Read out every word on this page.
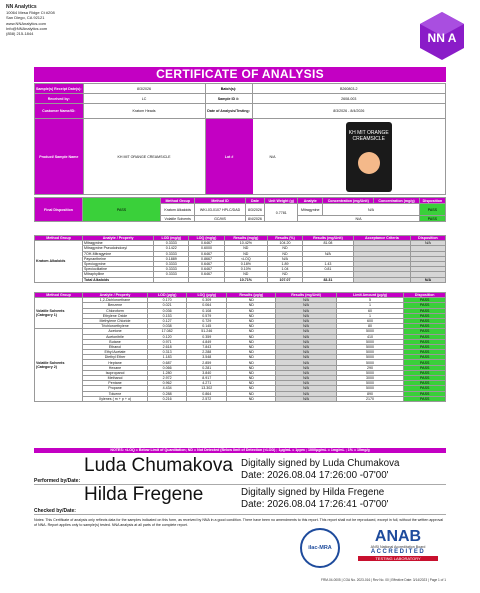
NN Analytics
10064 Mesa Ridge Ct #208
San Diego, CA 92121
www.NNAnalytics.com
Info@NNAnalytics.com
(858) 215-1844	NN A
CERTIFICATE OF ANALYSIS
Sample(s) Receipt Date(s):	8/3/2026	Batch(s):	B260803-2
Received by:	LC	Sample ID #:	2608-003
Customer Name/ID:	Kratom Heads	Date of Analysis/Testing:	8/3/2026 - 8/4/2026
Product/ Sample Name	KH MIT ORANGE CREAMSICLE	Lot # N/A
KH MIT ORANGE CREAMSICLE	
Final Disposition	PASS	Method Group	Method ID	Date	Unit Weight (g)	Analyte	Concentration (mg/Unit)	Concentration (mg/g)	Disposition
		Kratom Alkaloids	WKI-03-0107 HPLC/DAD	8/3/2026	0.7781	Mitragynine	N/A		PASS
		Volatile Solvents	GC/MS	8/4/2026		N/A			PASS
Method Group	Analyte / Property	LOD (mg/g)	LOQ (mg/g)	Results (mg/g)	Results (%)	Results (mg/Unit)	Acceptance Criteria	Disposition
Kratom Alkaloids	Mitragynine	0.3333	0.6467	10.42%	104.20	81.08		N/A
	Mitragynine Pseudoindoxyl	0.1422	0.6000	ND	ND			
	7OH-Mitragynine	0.3333	0.6467	ND	ND	N/A		
	Paynantheine	0.1889	0.8667	<LOQ	N/A			
	Speciogynine	0.3333	0.6467	0.18%	1.89	1.43		
	Speciociliatine	0.3333	0.6467	0.10%	1.04	0.81		
	Mitraphylline	0.3333	0.6467	ND	ND			
	Total Alkaloids			10.71%	107.07	83.31		N/A
Method Group	Analyte / Property	LOD (µg/g)	LOQ (µg/g)	Results (µg/g)	Results (mg/Unit)	Limit Amount (µg/g)	Disposition
Volatile Solvents (Category 1)	1,2-Dichloroethane	0.170	0.309	ND	N/A	5	PASS
	Benzene	0.021	0.064	ND	N/A	1	PASS
	Chloroform	0.036	0.108	ND	N/A	60	PASS
	Ethylene Oxide	0.153	0.579	ND	N/A	1	PASS
	Methylene Chloride	0.127	0.729	ND	N/A	600	PASS
	Trichloroethylene	0.038	0.145	ND	N/A	80	PASS
Volatile Solvents (Category 2)	Acetone	17.082	51.246	ND	N/A	5000	PASS
	Acetonitrile	0.120	0.359	ND	N/A	410	PASS
	Butane	0.971	4.849	ND	N/A	5000	PASS
	Ethanol	2.618	7.843	ND	N/A	5000	PASS
	Ethyl Acetate	0.313	2.288	ND	N/A	5000	PASS
	Diethyl Ether	1.183	3.548	ND	N/A	5000	PASS
	Heptane	0.687	2.859	ND	N/A	5000	PASS
	Hexane	0.066	0.281	ND	N/A	290	PASS
	Isopropanol	1.280	3.840	ND	N/A	5000	PASS
	Methanol	2.972	8.917	ND	N/A	3000	PASS
	Pentane	0.962	4.271	ND	N/A	5000	PASS
	Propane	4.434	13.302	ND	N/A	5000	PASS
	Toluene	0.288	0.864	ND	N/A	890	PASS
	Xylenes ( m + p + o)	0.216	2.572	ND	N/A	2170	PASS
NOTES: <LOQ = Below Limit of Quantitation; ND = Not Detected (Below limit of Detection (<LOD) ; 1μg/mL = 1ppm ; 1000μg/mL = 1mg/mL ; 1% = 10mg/g
Luda Chumakova Digitally signed by Luda Chumakova
Date: 2026.08.04 17:26:00 -07'00'
Performed by/Date:
Hilda Fregene	Digitally signed by Hilda Fregene
Date: 2026.08.04 17:26:41 -07'00'
Checked by/Date:
Notes: This Certificate of analysis only reflects data for the samples indicated on this form, as received by NNA in a good condition. There have been no amendments to this report. This report shall not be reproduced, except in full, without the written approval of NNA. Report applies only to sample(s) tested. NNA analysis at all parts of the complete report.
ilac-MRA
ANAB
ANSI National Accreditation Board
ACCREDITED
TESTING LABORATORY
FRM-04-0005 | COA No. 2023-016 | Rev No. 00 | Effective Date: 3/14/2023 | Page 1 of 1
